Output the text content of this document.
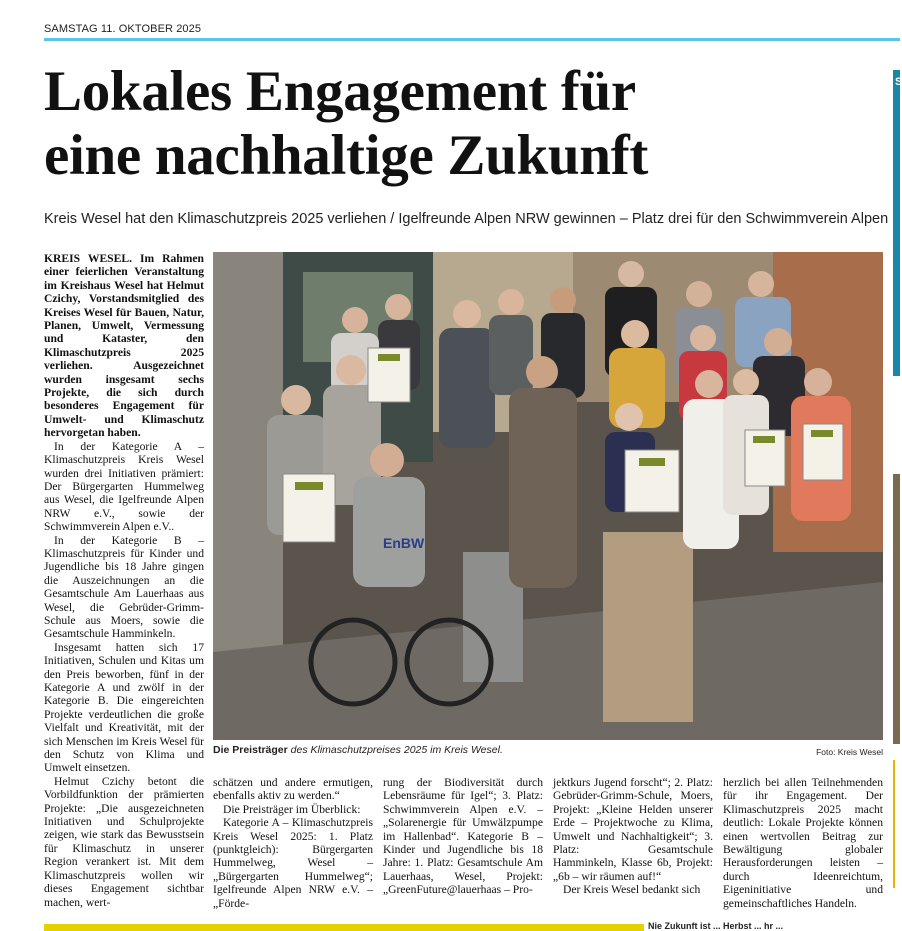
SAMSTAG 11. OKTOBER 2025
Lokales Engagement für
eine nachhaltige Zukunft
Kreis Wesel hat den Klimaschutzpreis 2025 verliehen / Igelfreunde Alpen NRW gewinnen – Platz drei für den Schwimmverein Alpen

KREIS WESEL. Im Rahmen einer feierlichen Veranstaltung im Kreishaus Wesel hat Helmut Czichy, Vorstandsmitglied des Kreises Wesel für Bauen, Natur, Planen, Umwelt, Vermessung und Kataster, den Klimaschutzpreis 2025 verliehen. Ausgezeichnet wurden insgesamt sechs Projekte, die sich durch besonderes Engagement für Umwelt- und Klimaschutz hervorgetan haben.

In der Kategorie A – Klimaschutzpreis Kreis Wesel wurden drei Initiativen prämiert: Der Bürgergarten Hummelweg aus Wesel, die Igelfreunde Alpen NRW e.V., sowie der Schwimmverein Alpen e.V..

In der Kategorie B – Klimaschutzpreis für Kinder und Jugendliche bis 18 Jahre gingen die Auszeichnungen an die Gesamtschule Am Lauerhaas aus Wesel, die Gebrüder-Grimm-Schule aus Moers, sowie die Gesamtschule Hamminkeln.

Insgesamt hatten sich 17 Initiativen, Schulen und Kitas um den Preis beworben, fünf in der Kategorie A und zwölf in der Kategorie B. Die eingereichten Projekte verdeutlichen die große Vielfalt und Kreativität, mit der sich Menschen im Kreis Wesel für den Schutz von Klima und Umwelt einsetzen.

Helmut Czichy betont die Vorbildfunktion der prämierten Projekte: „Die ausgezeichneten Initiativen und Schulprojekte zeigen, wie stark das Bewusstsein für Klimaschutz in unserer Region verankert ist. Mit dem Klimaschutzpreis wollen wir dieses Engagement sichtbar machen, wert-

EnBW
Die Preisträger des Klimaschutzpreises 2025 im Kreis Wesel.	Foto: Kreis Wesel

schätzen und andere ermutigen, ebenfalls aktiv zu werden.“

Die Preisträger im Überblick:

Kategorie A – Klimaschutzpreis Kreis Wesel 2025: 1. Platz (punktgleich): Bürgergarten Hummelweg, Wesel – „Bürgergarten Hummelweg“; Igelfreunde Alpen NRW e.V. – „Förde-

rung der Biodiversität durch Lebensräume für Igel“; 3. Platz: Schwimmverein Alpen e.V. – „Solarenergie für Umwälzpumpe im Hallenbad“. Kategorie B – Kinder und Jugendliche bis 18 Jahre: 1. Platz: Gesamtschule Am Lauerhaas, Wesel, Projekt: „GreenFuture@lauerhaas – Pro-

jektkurs Jugend forscht“; 2. Platz: Gebrüder-Grimm-Schule, Moers, Projekt: „Kleine Helden unserer Erde – Projektwoche zu Klima, Umwelt und Nachhaltigkeit“; 3. Platz: Gesamtschule Hamminkeln, Klasse 6b, Projekt: „6b – wir räumen auf!“

Der Kreis Wesel bedankt sich

herzlich bei allen Teilnehmenden für ihr Engagement. Der Klimaschutzpreis 2025 macht deutlich: Lokale Projekte können einen wertvollen Beitrag zur Bewältigung globaler Herausforderungen leisten – durch Ideenreichtum, Eigeninitiative und gemeinschaftliches Handeln.

S
Nie Zukunft ist ... Herbst ... hr ...
